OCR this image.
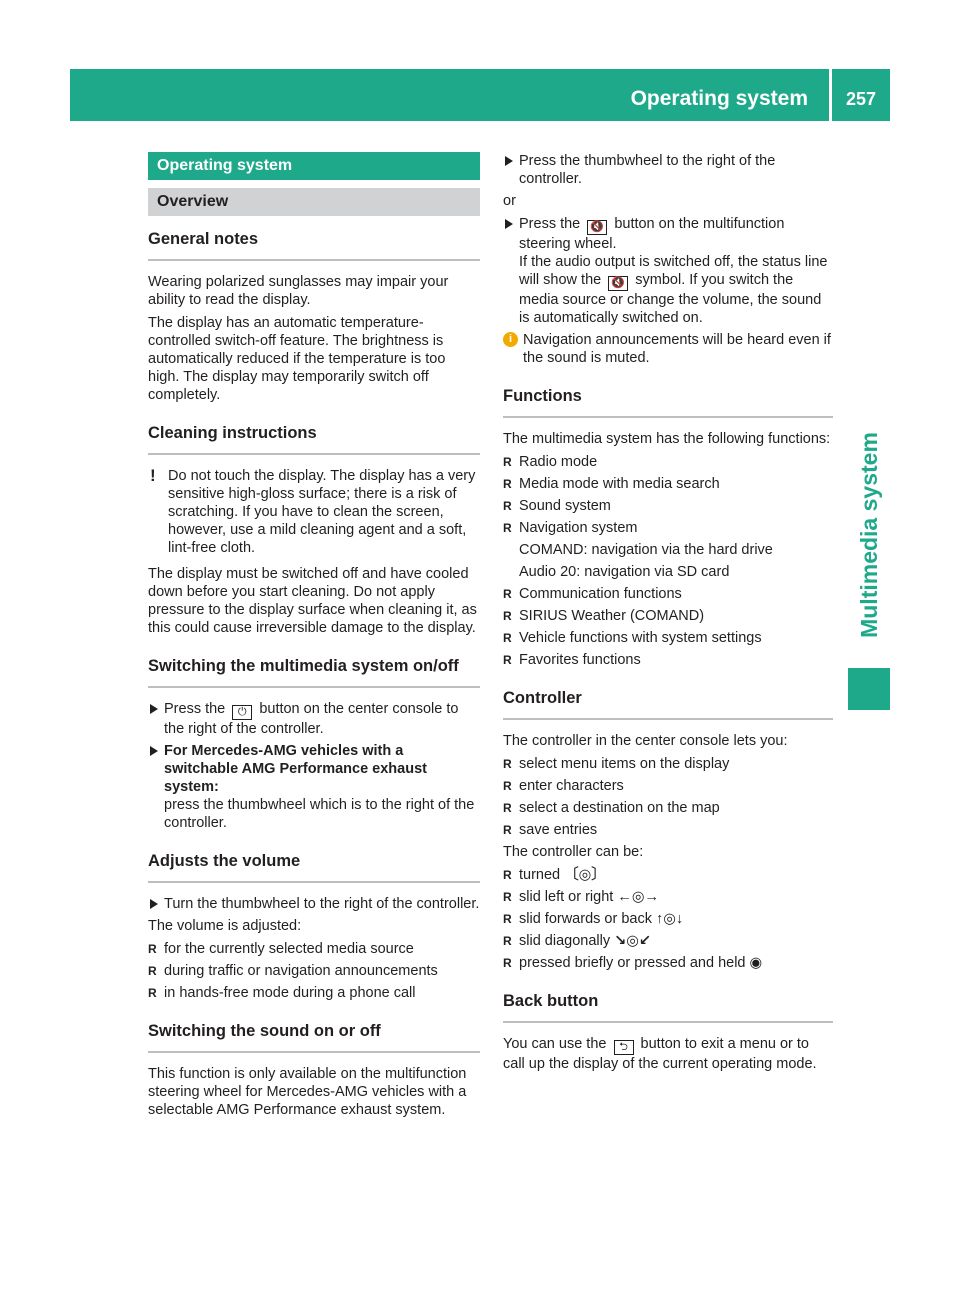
Operating system	257
Multimedia system
Operating system
Overview
General notes

Wearing polarized sunglasses may impair your ability to read the display.

The display has an automatic temperature-controlled switch-off feature. The brightness is automatically reduced if the temperature is too high. The display may temporarily switch off completely.

Cleaning instructions
! Do not touch the display. The display has a very sensitive high-gloss surface; there is a risk of scratching. If you have to clean the screen, however, use a mild cleaning agent and a soft, lint-free cloth.

The display must be switched off and have cooled down before you start cleaning. Do not apply pressure to the display surface when cleaning it, as this could cause irreversible damage to the display.

Switching the multimedia system on/off
Press the ⏻ button on the center console to the right of the controller.
For Mercedes-AMG vehicles with a switchable AMG Performance exhaust system:
press the thumbwheel which is to the right of the controller.
Adjusts the volume
Turn the thumbwheel to the right of the controller.

The volume is adjusted:

R for the currently selected media source
R during traffic or navigation announcements
R in hands-free mode during a phone call
Switching the sound on or off

This function is only available on the multifunction steering wheel for Mercedes-AMG vehicles with a selectable AMG Performance exhaust system.

Press the thumbwheel to the right of the controller.

or

Press the 🔇 button on the multifunction steering wheel.
If the audio output is switched off, the status line will show the 🔇 symbol. If you switch the media source or change the volume, the sound is automatically switched on.
i Navigation announcements will be heard even if the sound is muted.
Functions

The multimedia system has the following functions:

R Radio mode
R Media mode with media search
R Sound system
R Navigation system
COMAND: navigation via the hard drive
Audio 20: navigation via SD card
R Communication functions
R SIRIUS Weather (COMAND)
R Vehicle functions with system settings
R Favorites functions
Controller

The controller in the center console lets you:

R select menu items on the display
R enter characters
R select a destination on the map
R save entries

The controller can be:

R turned 〔◎〕
R slid left or right ←◎→
R slid forwards or back ↑◎↓
R slid diagonally ↘◎↙
R pressed briefly or pressed and held ◉
Back button

You can use the ⮌ button to exit a menu or to call up the display of the current operating mode.
